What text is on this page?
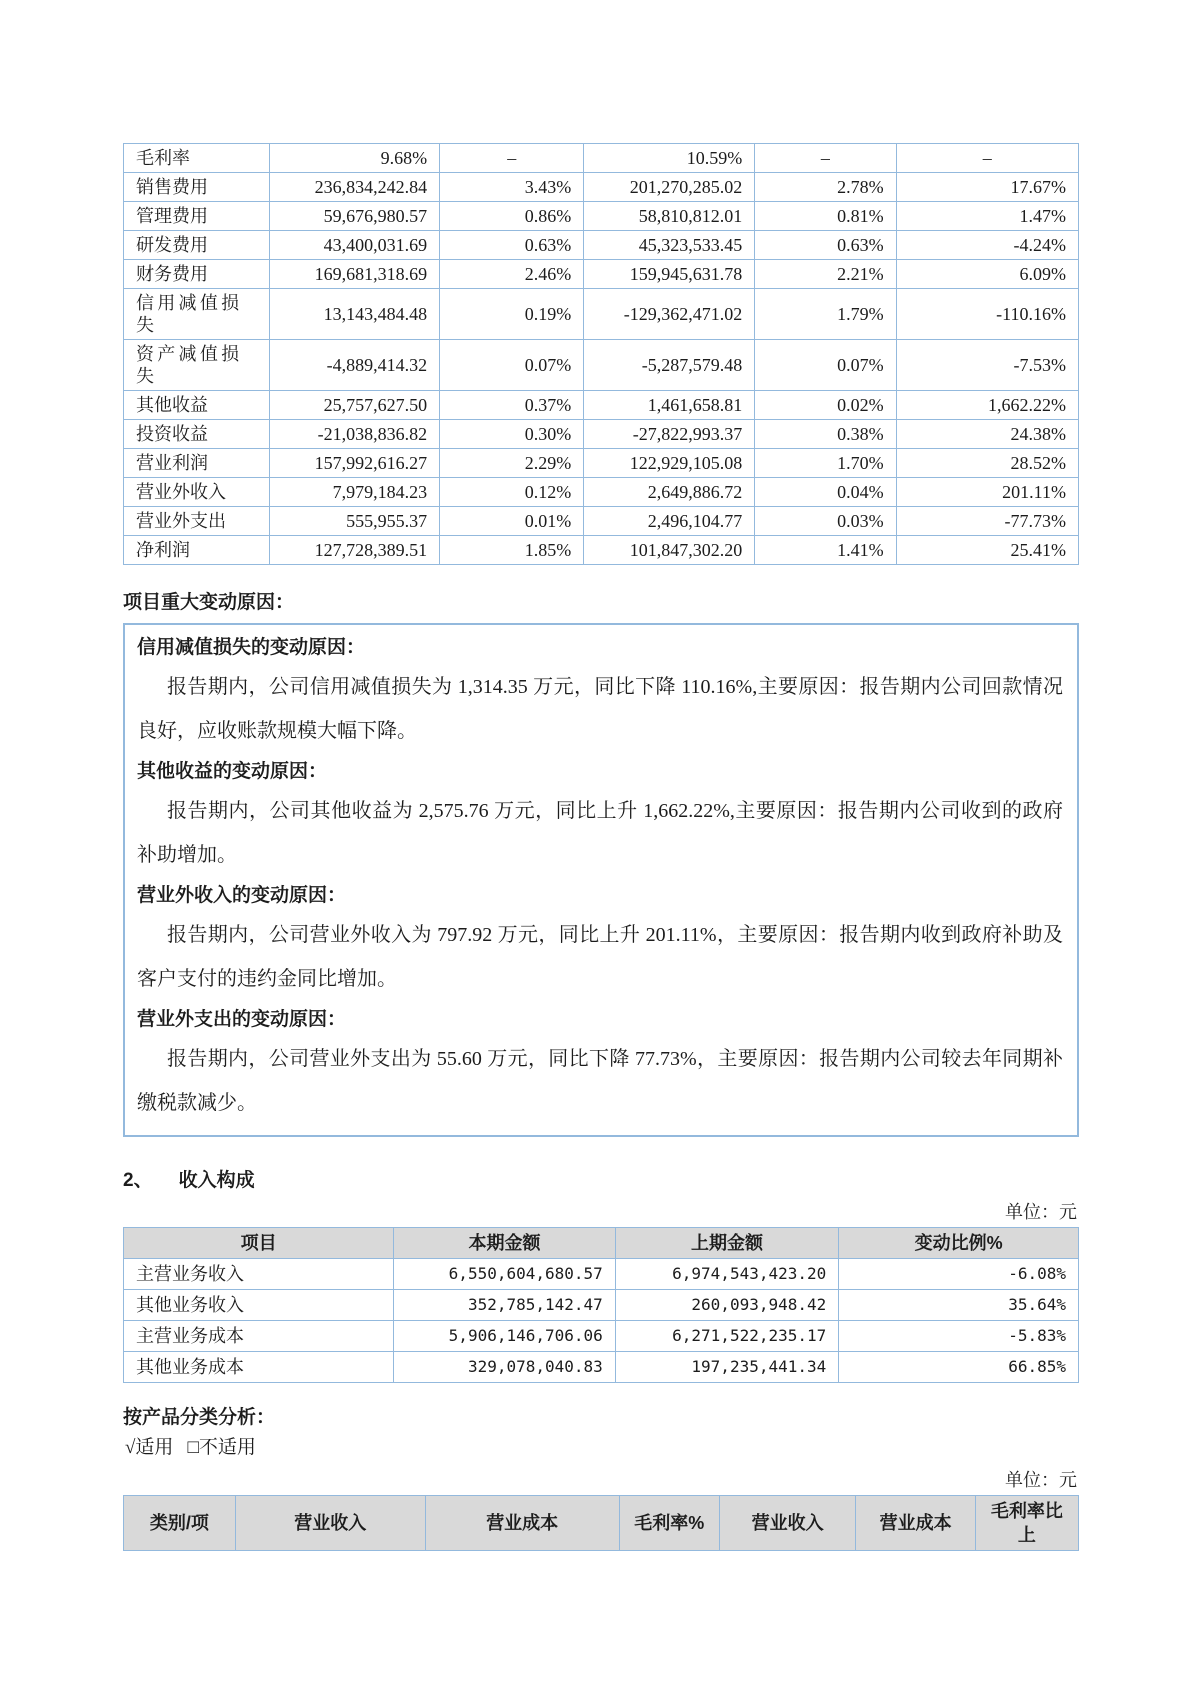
毛利率	9.68%	–	10.59%	–	–
销售费用	236,834,242.84	3.43%	201,270,285.02	2.78%	17.67%
管理费用	59,676,980.57	0.86%	58,810,812.01	0.81%	1.47%
研发费用	43,400,031.69	0.63%	45,323,533.45	0.63%	-4.24%
财务费用	169,681,318.69	2.46%	159,945,631.78	2.21%	6.09%
信用减值损失	13,143,484.48	0.19%	-129,362,471.02	1.79%	-110.16%
资产减值损失	-4,889,414.32	0.07%	-5,287,579.48	0.07%	-7.53%
其他收益	25,757,627.50	0.37%	1,461,658.81	0.02%	1,662.22%
投资收益	-21,038,836.82	0.30%	-27,822,993.37	0.38%	24.38%
营业利润	157,992,616.27	2.29%	122,929,105.08	1.70%	28.52%
营业外收入	7,979,184.23	0.12%	2,649,886.72	0.04%	201.11%
营业外支出	555,955.37	0.01%	2,496,104.77	0.03%	-77.73%
净利润	127,728,389.51	1.85%	101,847,302.20	1.41%	25.41%
项目重大变动原因：
信用减值损失的变动原因：

报告期内，公司信用减值损失为 1,314.35 万元，同比下降 110.16%,主要原因：报告期内公司回款情况良好，应收账款规模大幅下降。

其他收益的变动原因：

报告期内，公司其他收益为 2,575.76 万元，同比上升 1,662.22%,主要原因：报告期内公司收到的政府补助增加。

营业外收入的变动原因：

报告期内，公司营业外收入为 797.92 万元，同比上升 201.11%，主要原因：报告期内收到政府补助及客户支付的违约金同比增加。

营业外支出的变动原因：

报告期内，公司营业外支出为 55.60 万元，同比下降 77.73%，主要原因：报告期内公司较去年同期补缴税款减少。

2、 收入构成
单位：元
项目	本期金额	上期金额	变动比例%
主营业务收入	6,550,604,680.57	6,974,543,423.20	-6.08%
其他业务收入	352,785,142.47	260,093,948.42	35.64%
主营业务成本	5,906,146,706.06	6,271,522,235.17	-5.83%
其他业务成本	329,078,040.83	197,235,441.34	66.85%
按产品分类分析：
√适用 □不适用
单位：元
类别/项	营业收入	营业成本	毛利率%	营业收入	营业成本	毛利率比上
